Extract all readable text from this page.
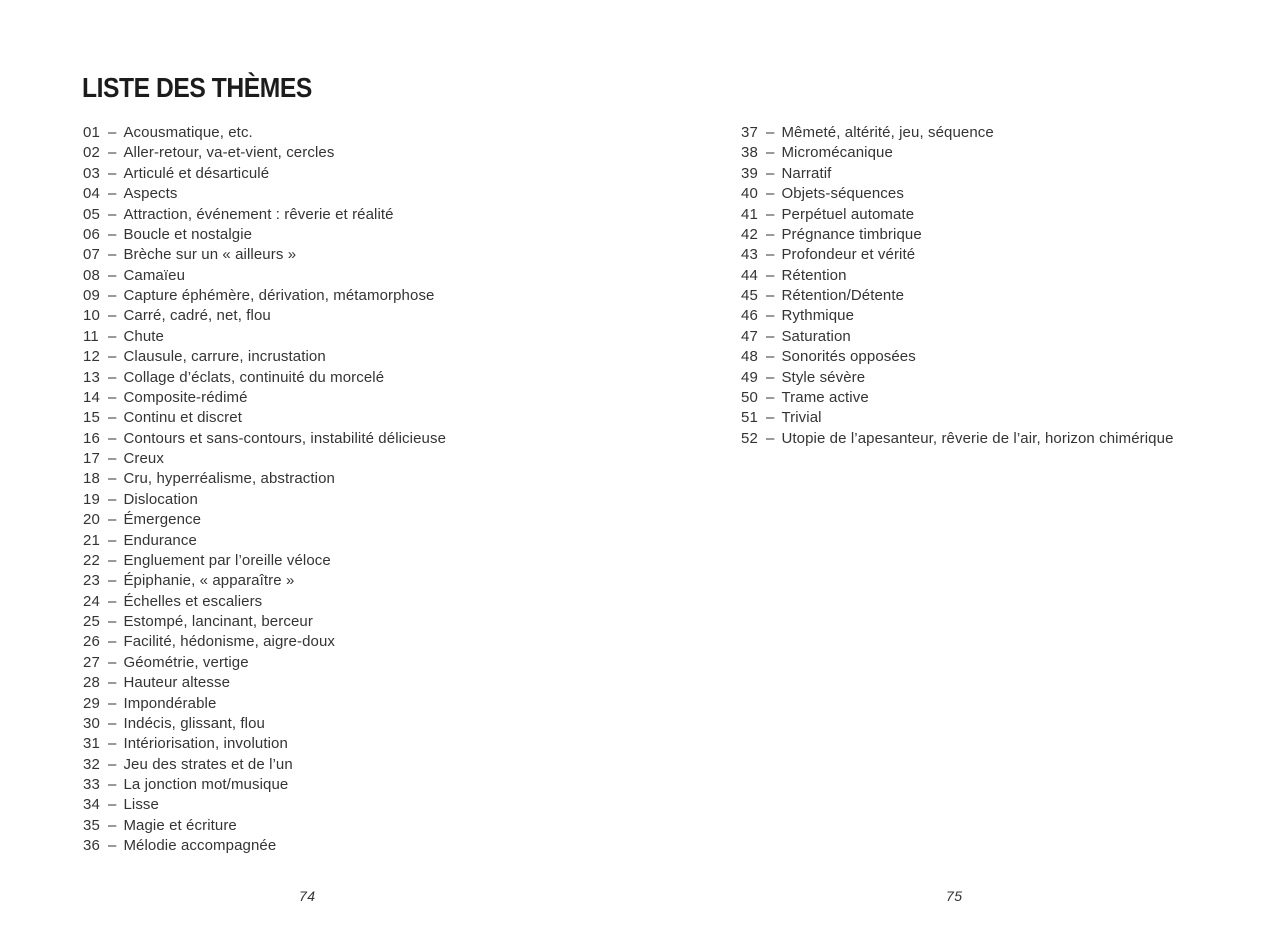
LISTE DES THÈMES
01 – Acousmatique, etc.
02 – Aller-retour, va-et-vient, cercles
03 – Articulé et désarticulé
04 – Aspects
05 – Attraction, événement : rêverie et réalité
06 – Boucle et nostalgie
07 – Brèche sur un « ailleurs »
08 – Camaïeu
09 – Capture éphémère, dérivation, métamorphose
10 – Carré, cadré, net, flou
11 – Chute
12 – Clausule, carrure, incrustation
13 – Collage d’éclats, continuité du morcelé
14 – Composite-rédimé
15 – Continu et discret
16 – Contours et sans-contours, instabilité délicieuse
17 – Creux
18 – Cru, hyperréalisme, abstraction
19 – Dislocation
20 – Émergence
21 – Endurance
22 – Engluement par l’oreille véloce
23 – Épiphanie, « apparaître »
24 – Échelles et escaliers
25 – Estompé, lancinant, berceur
26 – Facilité, hédonisme, aigre-doux
27 – Géométrie, vertige
28 – Hauteur altesse
29 – Impondérable
30 – Indécis, glissant, flou
31 – Intériorisation, involution
32 – Jeu des strates et de l’un
33 – La jonction mot/musique
34 – Lisse
35 – Magie et écriture
36 – Mélodie accompagnée
37 – Mêmeté, altérité, jeu, séquence
38 – Micromécanique
39 – Narratif
40 – Objets-séquences
41 – Perpétuel automate
42 – Prégnance timbrique
43 – Profondeur et vérité
44 – Rétention
45 – Rétention/Détente
46 – Rythmique
47 – Saturation
48 – Sonorités opposées
49 – Style sévère
50 – Trame active
51 – Trivial
52 – Utopie de l’apesanteur, rêverie de l’air, horizon chimérique
74	75
